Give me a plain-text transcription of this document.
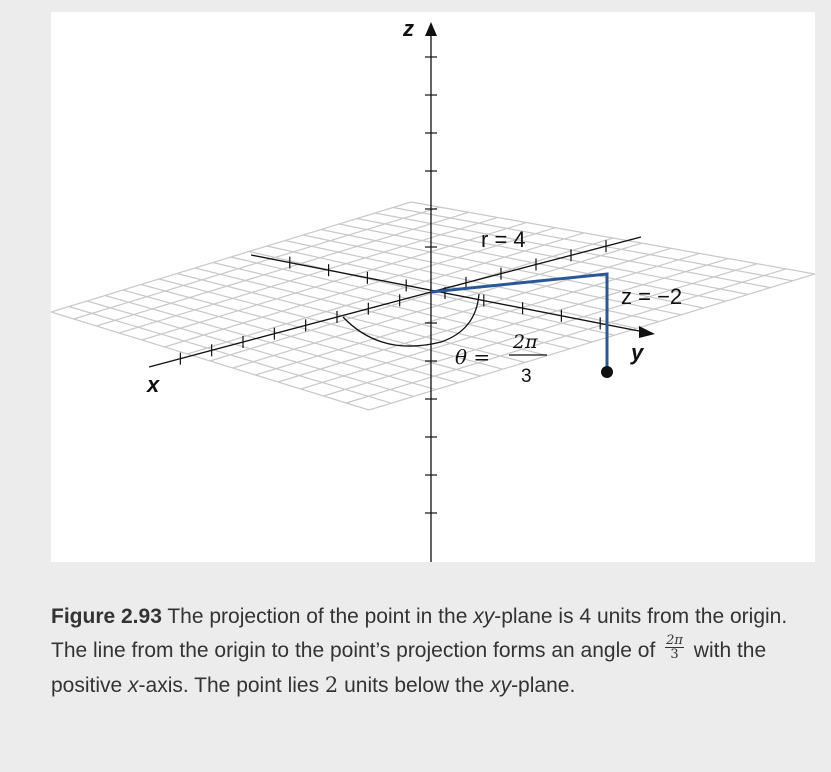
z
y
x
r = 4
z = −2
θ =
2π
3
Figure 2.93 The projection of the point in the xy-plane is 4 units from the origin. The line from the origin to the point’s projection forms an angle of $\frac{2\pi}{3}$ with the positive x-axis. The point lies 2 units below the xy-plane.
